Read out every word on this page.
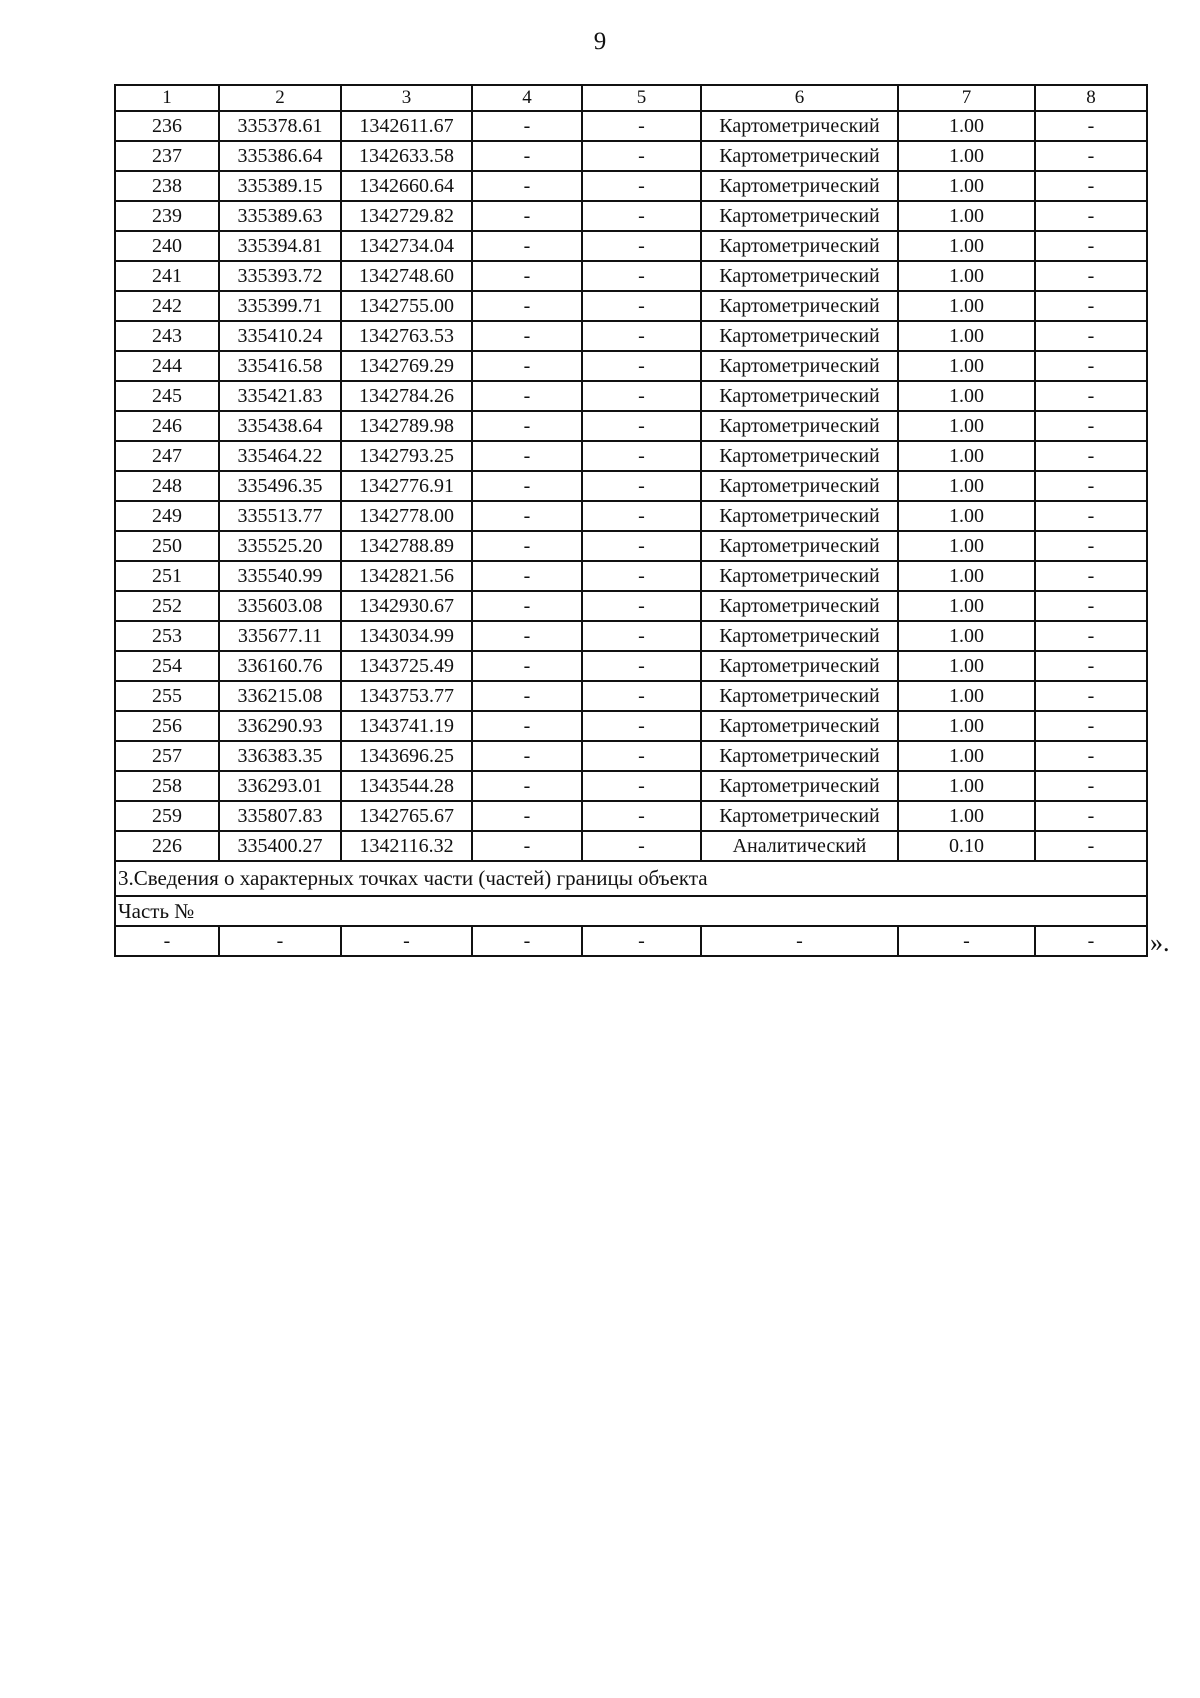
9
1	2	3	4	5	6	7	8
236	335378.61	1342611.67	-	-	Картометрический	1.00	-
237	335386.64	1342633.58	-	-	Картометрический	1.00	-
238	335389.15	1342660.64	-	-	Картометрический	1.00	-
239	335389.63	1342729.82	-	-	Картометрический	1.00	-
240	335394.81	1342734.04	-	-	Картометрический	1.00	-
241	335393.72	1342748.60	-	-	Картометрический	1.00	-
242	335399.71	1342755.00	-	-	Картометрический	1.00	-
243	335410.24	1342763.53	-	-	Картометрический	1.00	-
244	335416.58	1342769.29	-	-	Картометрический	1.00	-
245	335421.83	1342784.26	-	-	Картометрический	1.00	-
246	335438.64	1342789.98	-	-	Картометрический	1.00	-
247	335464.22	1342793.25	-	-	Картометрический	1.00	-
248	335496.35	1342776.91	-	-	Картометрический	1.00	-
249	335513.77	1342778.00	-	-	Картометрический	1.00	-
250	335525.20	1342788.89	-	-	Картометрический	1.00	-
251	335540.99	1342821.56	-	-	Картометрический	1.00	-
252	335603.08	1342930.67	-	-	Картометрический	1.00	-
253	335677.11	1343034.99	-	-	Картометрический	1.00	-
254	336160.76	1343725.49	-	-	Картометрический	1.00	-
255	336215.08	1343753.77	-	-	Картометрический	1.00	-
256	336290.93	1343741.19	-	-	Картометрический	1.00	-
257	336383.35	1343696.25	-	-	Картометрический	1.00	-
258	336293.01	1343544.28	-	-	Картометрический	1.00	-
259	335807.83	1342765.67	-	-	Картометрический	1.00	-
226	335400.27	1342116.32	-	-	Аналитический	0.10	-
3.Сведения о характерных точках части (частей) границы объекта							
Часть №							
-	-	-	-	-	-	-	- ».
